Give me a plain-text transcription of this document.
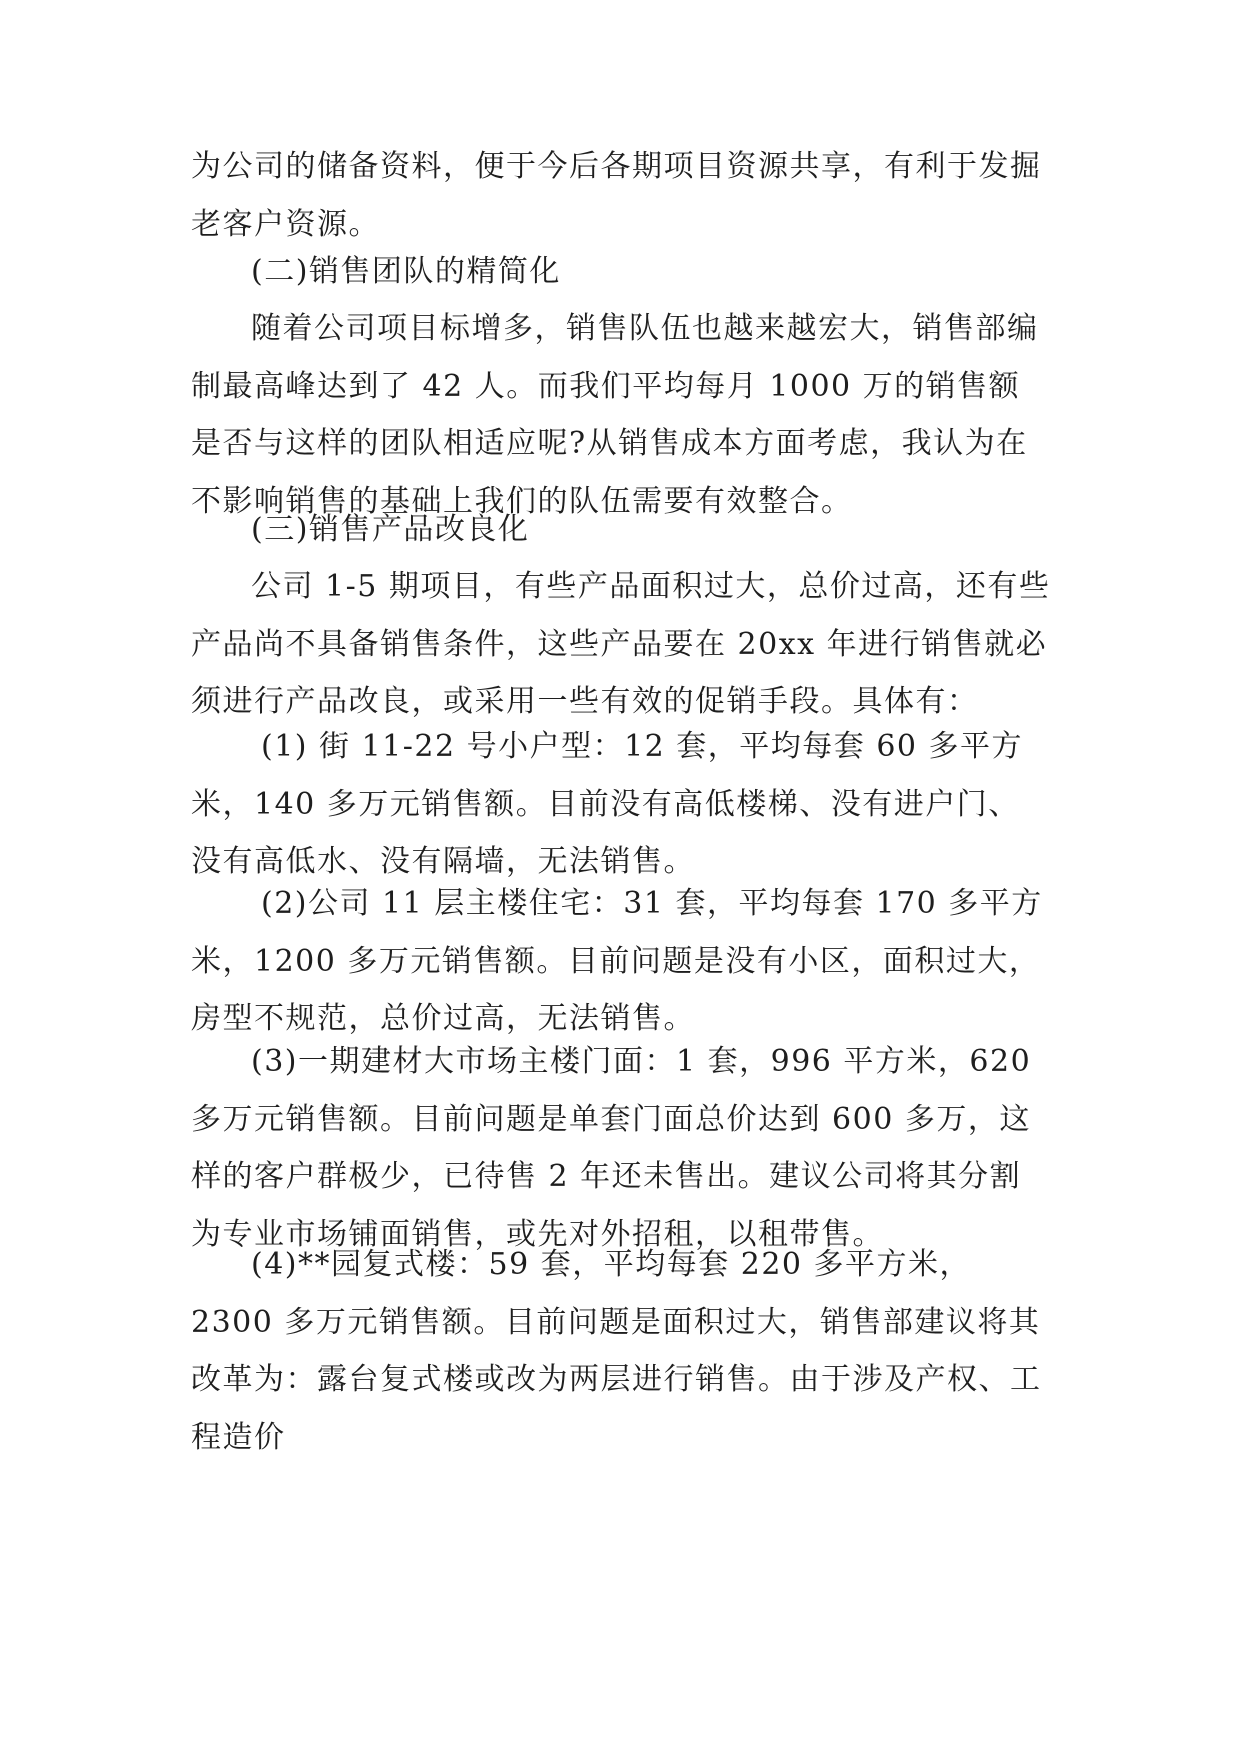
为公司的储备资料，便于今后各期项目资源共享，有利于发掘老客户资源。

(二)销售团队的精简化

随着公司项目标增多，销售队伍也越来越宏大，销售部编制最高峰达到了 42 人。而我们平均每月 1000 万的销售额是否与这样的团队相适应呢?从销售成本方面考虑，我认为在不影响销售的基础上我们的队伍需要有效整合。

(三)销售产品改良化

公司 1-5 期项目，有些产品面积过大，总价过高，还有些产品尚不具备销售条件，这些产品要在 20xx 年进行销售就必须进行产品改良，或采用一些有效的促销手段。具体有：

(1) 街 11-22 号小户型：12 套，平均每套 60 多平方米，140 多万元销售额。目前没有高低楼梯、没有进户门、没有高低水、没有隔墙，无法销售。

(2)公司 11 层主楼住宅：31 套，平均每套 170 多平方米，1200 多万元销售额。目前问题是没有小区，面积过大，房型不规范，总价过高，无法销售。

(3)一期建材大市场主楼门面：1 套，996 平方米，620 多万元销售额。目前问题是单套门面总价达到 600 多万，这样的客户群极少，已待售 2 年还未售出。建议公司将其分割为专业市场铺面销售，或先对外招租，以租带售。

(4)**园复式楼：59 套，平均每套 220 多平方米，2300 多万元销售额。目前问题是面积过大，销售部建议将其改革为：露台复式楼或改为两层进行销售。由于涉及产权、工程造价
